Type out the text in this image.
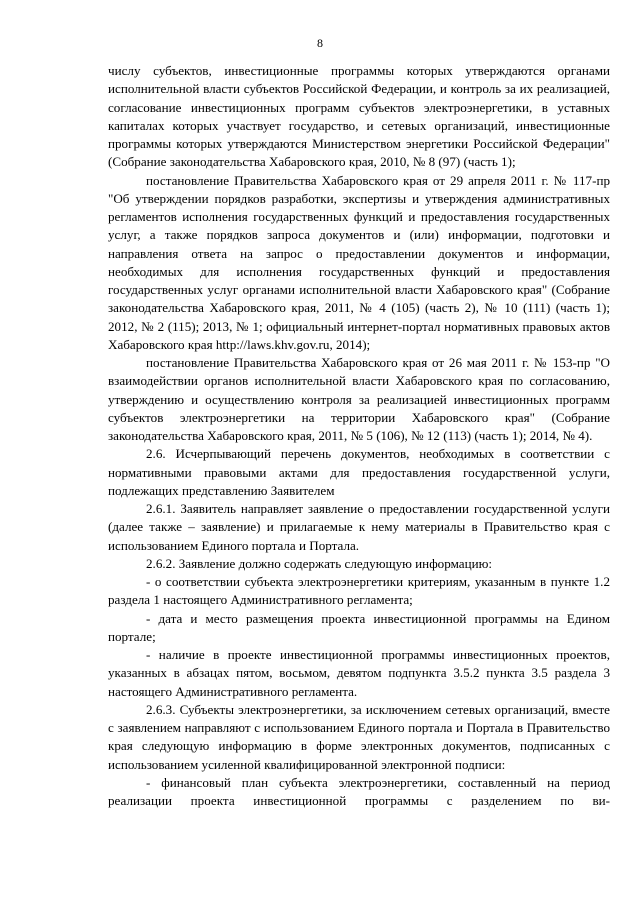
8

числу субъектов, инвестиционные программы которых утверждаются органами исполнительной власти субъектов Российской Федерации, и контроль за их реализацией, согласование инвестиционных программ субъектов электроэнергетики, в уставных капиталах которых участвует государство, и сетевых организаций, инвестиционные программы которых утверждаются Министерством энергетики Российской Федерации" (Собрание законодательства Хабаровского края, 2010, № 8 (97) (часть 1);

постановление Правительства Хабаровского края от 29 апреля 2011 г. № 117-пр "Об утверждении порядков разработки, экспертизы и утверждения административных регламентов исполнения государственных функций и предоставления государственных услуг, а также порядков запроса документов и (или) информации, подготовки и направления ответа на запрос о предоставлении документов и информации, необходимых для исполнения государственных функций и предоставления государственных услуг органами исполнительной власти Хабаровского края" (Собрание законодательства Хабаровского края, 2011, № 4 (105) (часть 2), № 10 (111) (часть 1); 2012, № 2 (115); 2013, № 1; официальный интернет-портал нормативных правовых актов Хабаровского края http://laws.khv.gov.ru, 2014);

постановление Правительства Хабаровского края от 26 мая 2011 г. № 153-пр "О взаимодействии органов исполнительной власти Хабаровского края по согласованию, утверждению и осуществлению контроля за реализацией инвестиционных программ субъектов электроэнергетики на территории Хабаровского края" (Собрание законодательства Хабаровского края, 2011, № 5 (106), № 12 (113) (часть 1); 2014, № 4).

2.6. Исчерпывающий перечень документов, необходимых в соответствии с нормативными правовыми актами для предоставления государственной услуги, подлежащих представлению Заявителем

2.6.1. Заявитель направляет заявление о предоставлении государственной услуги (далее также – заявление) и прилагаемые к нему материалы в Правительство края с использованием Единого портала и Портала.

2.6.2. Заявление должно содержать следующую информацию:

- о соответствии субъекта электроэнергетики критериям, указанным в пункте 1.2 раздела 1 настоящего Административного регламента;

- дата и место размещения проекта инвестиционной программы на Едином портале;

- наличие в проекте инвестиционной программы инвестиционных проектов, указанных в абзацах пятом, восьмом, девятом подпункта 3.5.2 пункта 3.5 раздела 3 настоящего Административного регламента.

2.6.3. Субъекты электроэнергетики, за исключением сетевых организаций, вместе с заявлением направляют с использованием Единого портала и Портала в Правительство края следующую информацию в форме электронных документов, подписанных с использованием усиленной квалифицированной электронной подписи:

- финансовый план субъекта электроэнергетики, составленный на период реализации проекта инвестиционной программы с разделением по ви-
